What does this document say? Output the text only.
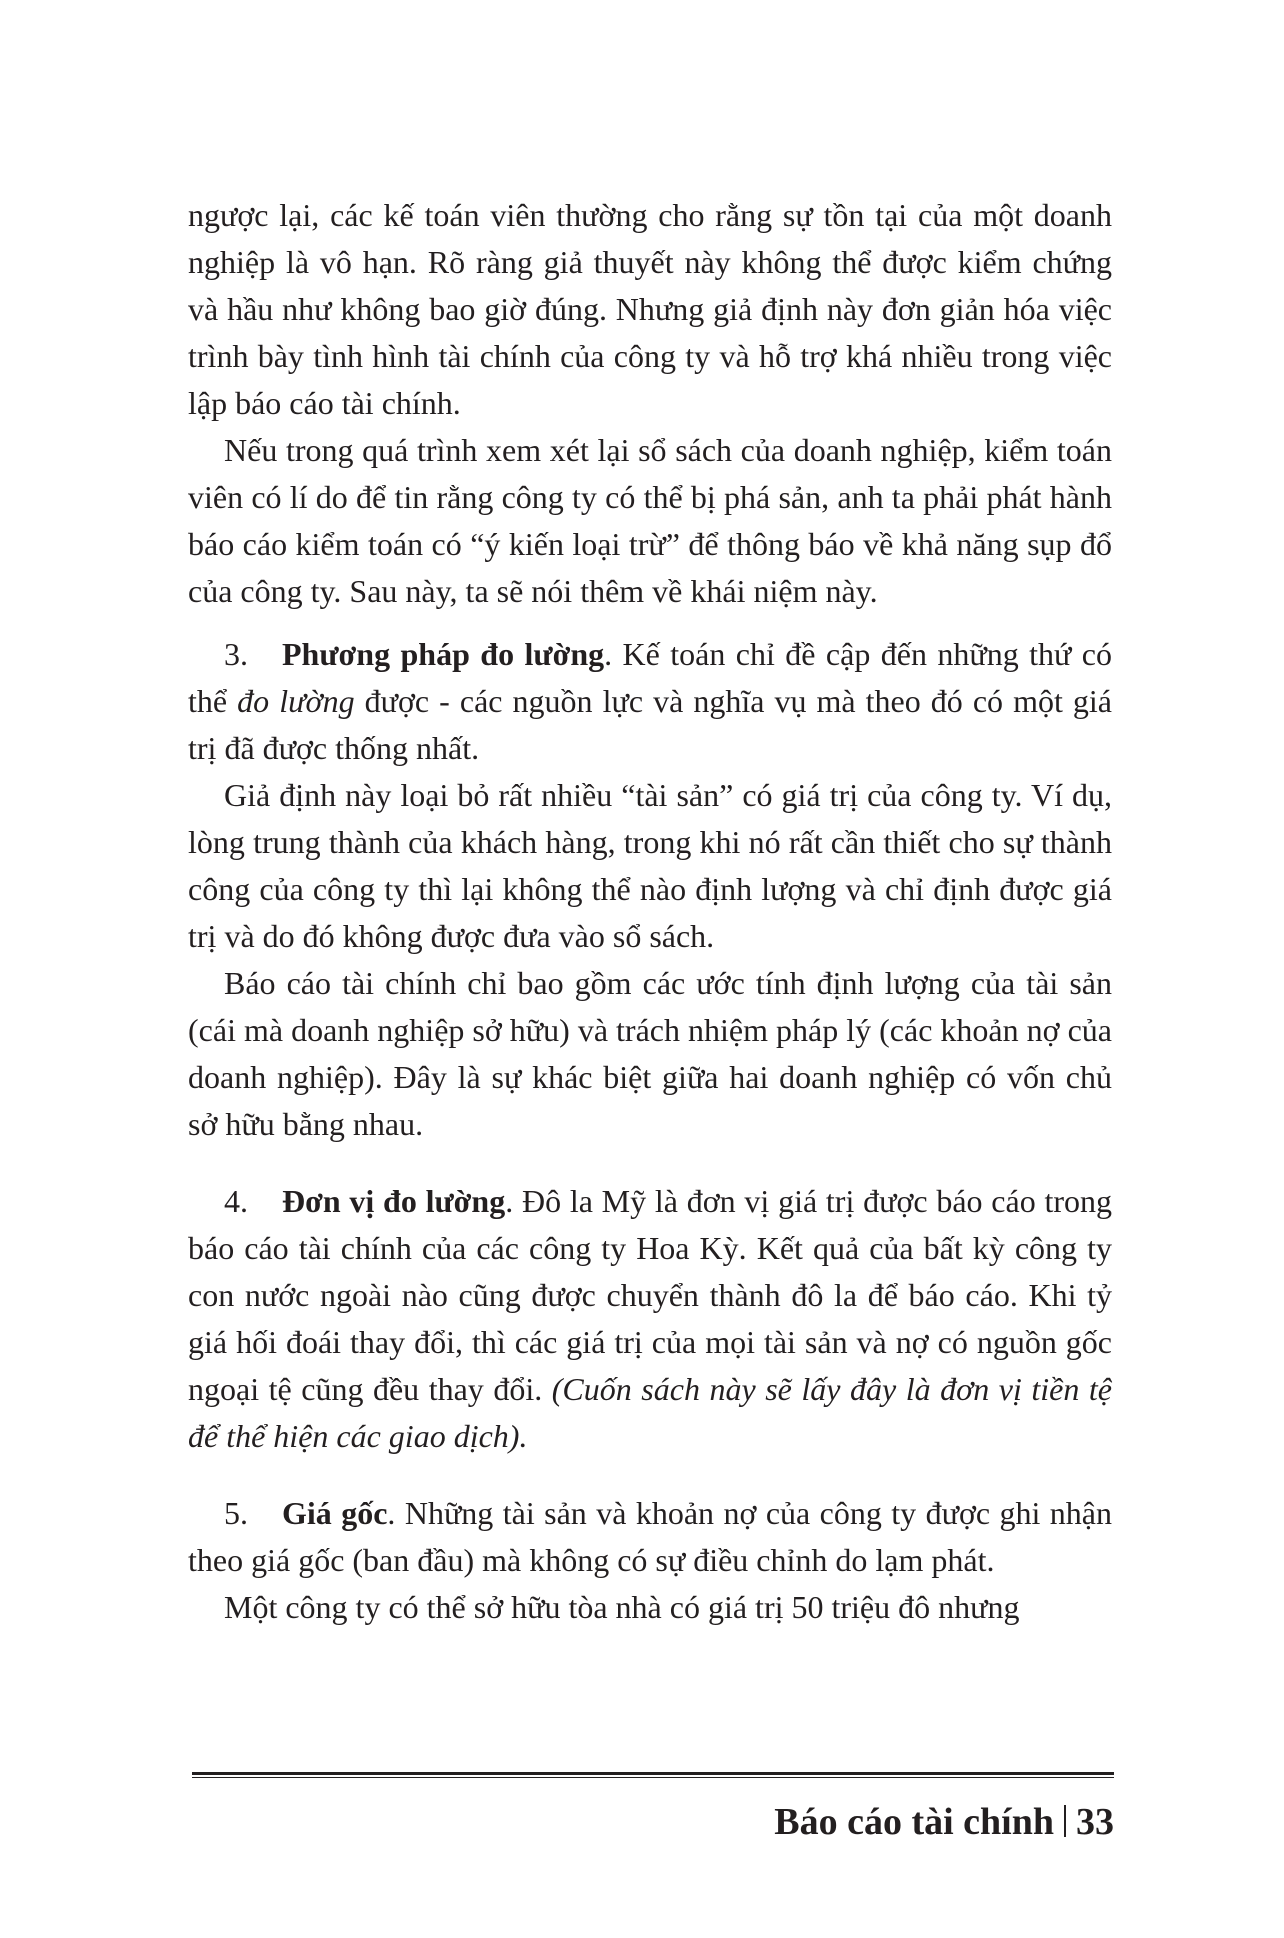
ngược lại, các kế toán viên thường cho rằng sự tồn tại của một doanh nghiệp là vô hạn. Rõ ràng giả thuyết này không thể được kiểm chứng và hầu như không bao giờ đúng. Nhưng giả định này đơn giản hóa việc trình bày tình hình tài chính của công ty và hỗ trợ khá nhiều trong việc lập báo cáo tài chính.

Nếu trong quá trình xem xét lại sổ sách của doanh nghiệp, kiểm toán viên có lí do để tin rằng công ty có thể bị phá sản, anh ta phải phát hành báo cáo kiểm toán có “ý kiến loại trừ” để thông báo về khả năng sụp đổ của công ty. Sau này, ta sẽ nói thêm về khái niệm này.

3. Phương pháp đo lường. Kế toán chỉ đề cập đến những thứ có thể đo lường được - các nguồn lực và nghĩa vụ mà theo đó có một giá trị đã được thống nhất.

Giả định này loại bỏ rất nhiều “tài sản” có giá trị của công ty. Ví dụ, lòng trung thành của khách hàng, trong khi nó rất cần thiết cho sự thành công của công ty thì lại không thể nào định lượng và chỉ định được giá trị và do đó không được đưa vào sổ sách.

Báo cáo tài chính chỉ bao gồm các ước tính định lượng của tài sản (cái mà doanh nghiệp sở hữu) và trách nhiệm pháp lý (các khoản nợ của doanh nghiệp). Đây là sự khác biệt giữa hai doanh nghiệp có vốn chủ sở hữu bằng nhau.

4. Đơn vị đo lường. Đô la Mỹ là đơn vị giá trị được báo cáo trong báo cáo tài chính của các công ty Hoa Kỳ. Kết quả của bất kỳ công ty con nước ngoài nào cũng được chuyển thành đô la để báo cáo. Khi tỷ giá hối đoái thay đổi, thì các giá trị của mọi tài sản và nợ có nguồn gốc ngoại tệ cũng đều thay đổi. (Cuốn sách này sẽ lấy đây là đơn vị tiền tệ để thể hiện các giao dịch).

5. Giá gốc. Những tài sản và khoản nợ của công ty được ghi nhận theo giá gốc (ban đầu) mà không có sự điều chỉnh do lạm phát.

Một công ty có thể sở hữu tòa nhà có giá trị 50 triệu đô nhưng

Báo cáo tài chính 33
